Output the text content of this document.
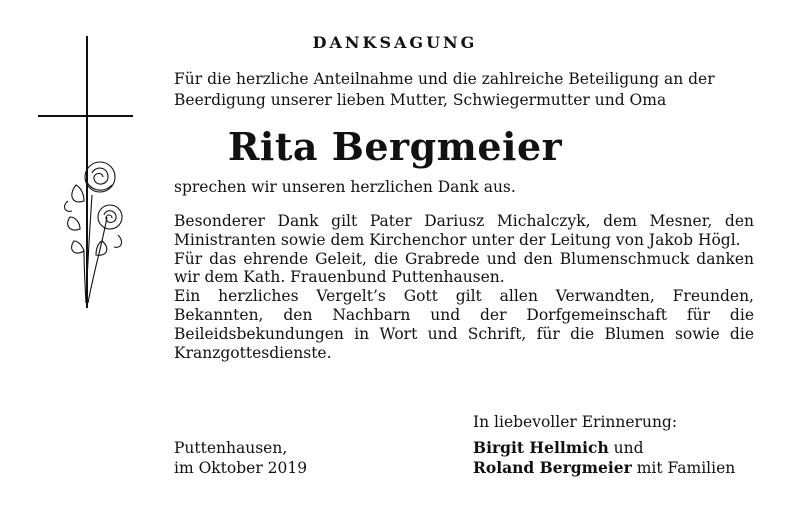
DANKSAGUNG
Für die herzliche Anteilnahme und die zahlreiche Beteiligung an der Beerdigung unserer lieben Mutter, Schwiegermutter und Oma
Rita Bergmeier
sprechen wir unseren herzlichen Dank aus.

Besonderer Dank gilt Pater Dariusz Michalczyk, dem Mesner, den Ministranten sowie dem Kirchenchor unter der Leitung von Jakob Högl.

Für das ehrende Geleit, die Grabrede und den Blumenschmuck danken wir dem Kath. Frauenbund Puttenhausen.

Ein herzliches Vergelt’s Gott gilt allen Verwandten, Freunden, Bekannten, den Nachbarn und der Dorfgemeinschaft für die Beileidsbekundungen in Wort und Schrift, für die Blumen sowie die Kranzgottesdienste.

In liebevoller Erinnerung:
Puttenhausen,
im Oktober 2019
Birgit Hellmich und
Roland Bergmeier mit Familien
